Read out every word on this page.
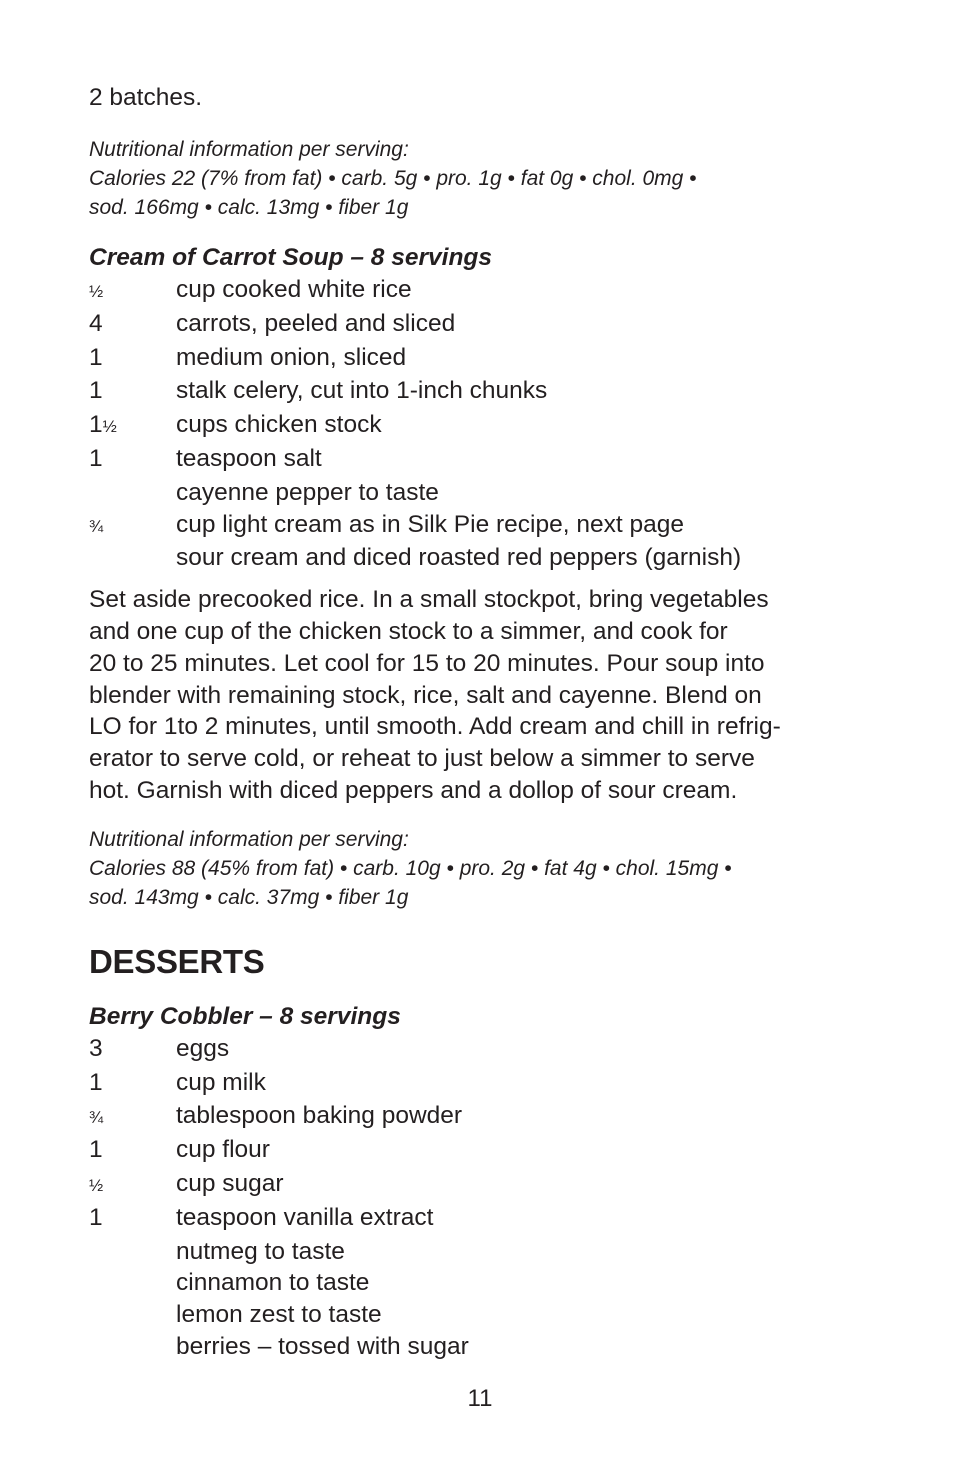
2 batches.

Nutritional information per serving:

Calories 22 (7% from fat) • carb. 5g • pro. 1g • fat 0g • chol. 0mg •

sod. 166mg • calc. 13mg • fiber 1g

Cream of Carrot Soup – 8 servings
½	cup cooked white rice
4	carrots, peeled and sliced
1	medium onion, sliced
1	stalk celery, cut into 1-inch chunks
1½	cups chicken stock
1	teaspoon salt
cayenne pepper to taste
¾	cup light cream as in Silk Pie recipe, next page
sour cream and diced roasted red peppers (garnish)

Set aside precooked rice. In a small stockpot, bring vegetables

and one cup of the chicken stock to a simmer, and cook for

20 to 25 minutes. Let cool for 15 to 20 minutes. Pour soup into

blender with remaining stock, rice, salt and cayenne. Blend on

LO for 1to 2 minutes, until smooth. Add cream and chill in refrig-

erator to serve cold, or reheat to just below a simmer to serve

hot. Garnish with diced peppers and a dollop of sour cream.

Nutritional information per serving:

Calories 88 (45% from fat) • carb. 10g • pro. 2g • fat 4g • chol. 15mg •

sod. 143mg • calc. 37mg • fiber 1g

DESSERTS
Berry Cobbler – 8 servings
3	eggs
1	cup milk
¾	tablespoon baking powder
1	cup flour
½	cup sugar
1	teaspoon vanilla extract
nutmeg to taste
cinnamon to taste
lemon zest to taste
berries – tossed with sugar
11
